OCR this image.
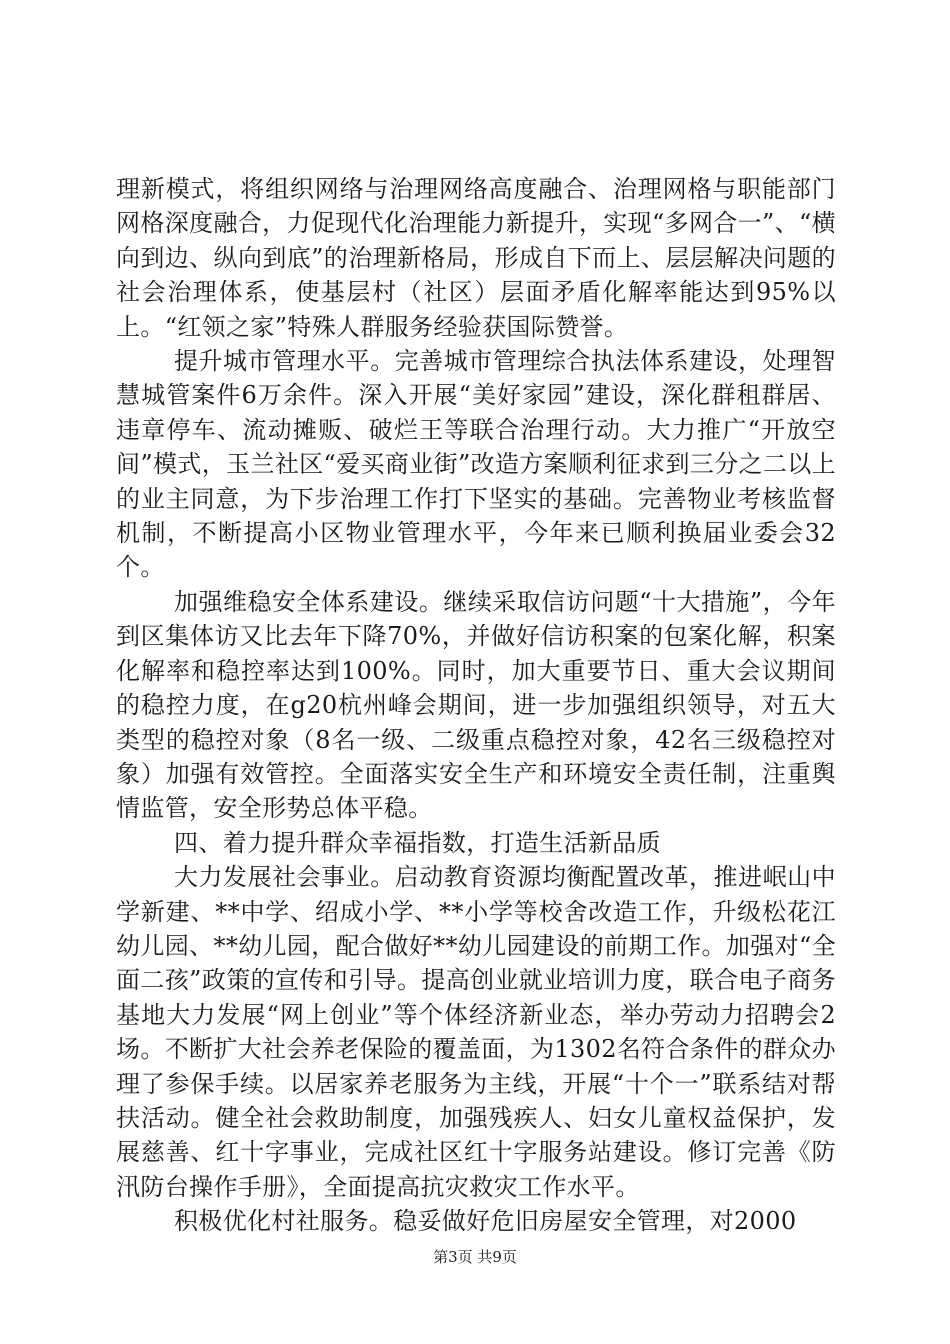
理新模式，将组织网络与治理网络高度融合、治理网格与职能部门网格深度融合，力促现代化治理能力新提升，实现“多网合一”、“横向到边、纵向到底”的治理新格局，形成自下而上、层层解决问题的社会治理体系，使基层村（社区）层面矛盾化解率能达到95%以上。“红领之家”特殊人群服务经验获国际赞誉。

提升城市管理水平。完善城市管理综合执法体系建设，处理智慧城管案件6万余件。深入开展“美好家园”建设，深化群租群居、违章停车、流动摊贩、破烂王等联合治理行动。大力推广“开放空间”模式，玉兰社区“爱买商业街”改造方案顺利征求到三分之二以上的业主同意，为下步治理工作打下坚实的基础。完善物业考核监督机制，不断提高小区物业管理水平，今年来已顺利换届业委会32个。

加强维稳安全体系建设。继续采取信访问题“十大措施”，今年到区集体访又比去年下降70%，并做好信访积案的包案化解，积案化解率和稳控率达到100%。同时，加大重要节日、重大会议期间的稳控力度，在g20杭州峰会期间，进一步加强组织领导，对五大类型的稳控对象（8名一级、二级重点稳控对象，42名三级稳控对象）加强有效管控。全面落实安全生产和环境安全责任制，注重舆情监管，安全形势总体平稳。

四、着力提升群众幸福指数，打造生活新品质

大力发展社会事业。启动教育资源均衡配置改革，推进岷山中学新建、**中学、绍成小学、**小学等校舍改造工作，升级松花江幼儿园、**幼儿园，配合做好**幼儿园建设的前期工作。加强对“全面二孩”政策的宣传和引导。提高创业就业培训力度，联合电子商务基地大力发展“网上创业”等个体经济新业态，举办劳动力招聘会2场。不断扩大社会养老保险的覆盖面，为1302名符合条件的群众办理了参保手续。以居家养老服务为主线，开展“十个一”联系结对帮扶活动。健全社会救助制度，加强残疾人、妇女儿童权益保护，发展慈善、红十字事业，完成社区红十字服务站建设。修订完善《防汛防台操作手册》，全面提高抗灾救灾工作水平。

积极优化村社服务。稳妥做好危旧房屋安全管理，对2000

第3页 共9页
